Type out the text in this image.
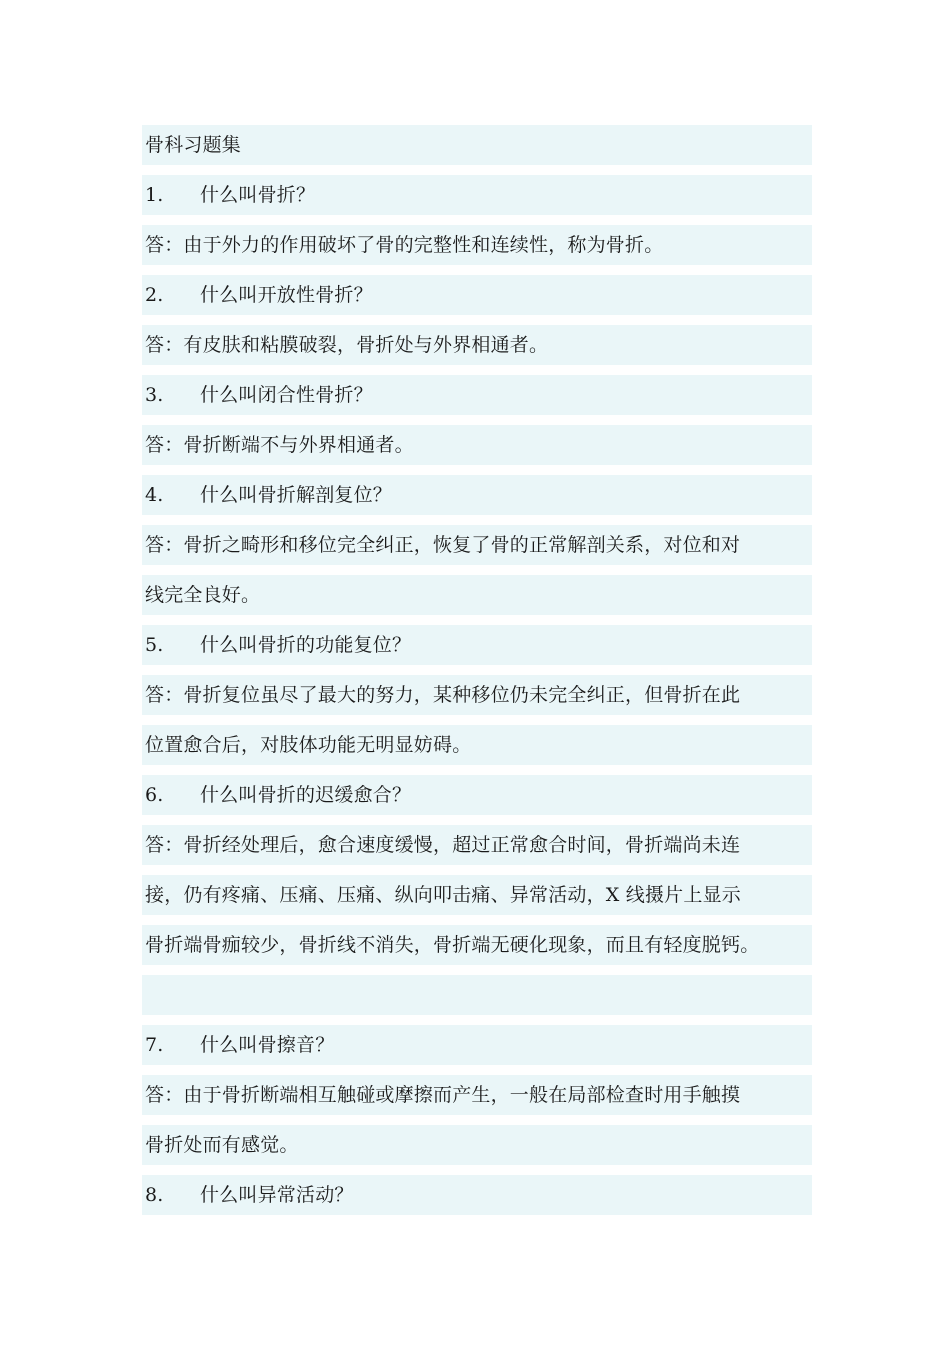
骨科习题集
1. 什么叫骨折？
答：由于外力的作用破坏了骨的完整性和连续性，称为骨折。
2. 什么叫开放性骨折？
答：有皮肤和粘膜破裂，骨折处与外界相通者。
3. 什么叫闭合性骨折？
答：骨折断端不与外界相通者。
4. 什么叫骨折解剖复位？
答：骨折之畸形和移位完全纠正，恢复了骨的正常解剖关系，对位和对
线完全良好。
5. 什么叫骨折的功能复位？
答：骨折复位虽尽了最大的努力，某种移位仍未完全纠正，但骨折在此
位置愈合后，对肢体功能无明显妨碍。
6. 什么叫骨折的迟缓愈合？
答：骨折经处理后，愈合速度缓慢，超过正常愈合时间，骨折端尚未连
接，仍有疼痛、压痛、压痛、纵向叩击痛、异常活动，X 线摄片上显示
骨折端骨痂较少，骨折线不消失，骨折端无硬化现象，而且有轻度脱钙。
7. 什么叫骨擦音？
答：由于骨折断端相互触碰或摩擦而产生，一般在局部检查时用手触摸
骨折处而有感觉。
8. 什么叫异常活动？
